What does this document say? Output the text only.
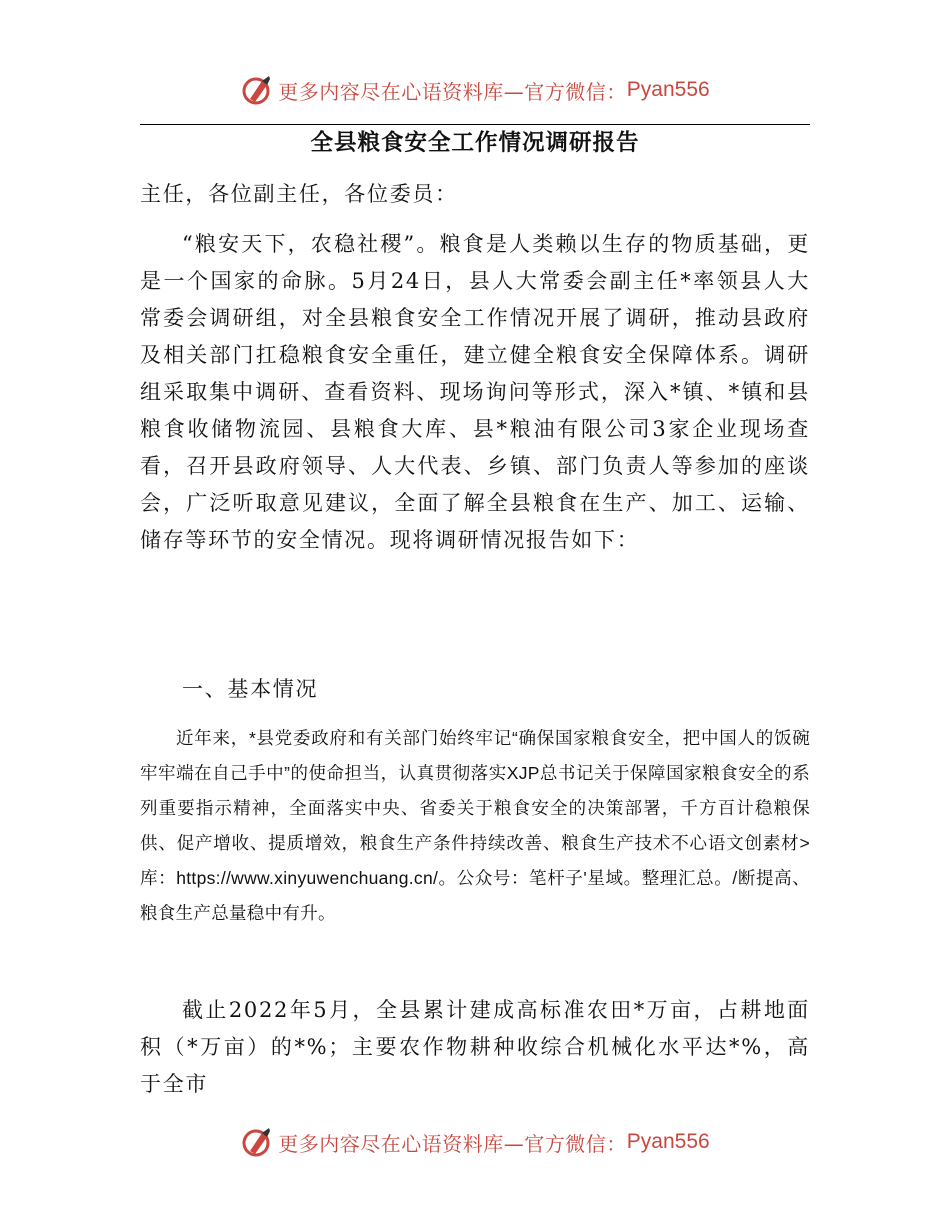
更多内容尽在心语资料库—官方微信： Pyan556
全县粮食安全工作情况调研报告

主任，各位副主任，各位委员：

“粮安天下，农稳社稷”。粮食是人类赖以生存的物质基础，更是一个国家的命脉。5月24日，县人大常委会副主任*率领县人大常委会调研组，对全县粮食安全工作情况开展了调研，推动县政府及相关部门扛稳粮食安全重任，建立健全粮食安全保障体系。调研组采取集中调研、查看资料、现场询问等形式，深入*镇、*镇和县粮食收储物流园、县粮食大库、县*粮油有限公司3家企业现场查看，召开县政府领导、人大代表、乡镇、部门负责人等参加的座谈会，广泛听取意见建议，全面了解全县粮食在生产、加工、运输、储存等环节的安全情况。现将调研情况报告如下：

一、基本情况

近年来，*县党委政府和有关部门始终牢记“确保国家粮食安全，把中国人的饭碗牢牢端在自己手中”的使命担当，认真贯彻落实XJP总书记关于保障国家粮食安全的系列重要指示精神，全面落实中央、省委关于粮食安全的决策部署，千方百计稳粮保供、促产增收、提质增效，粮食生产条件持续改善、粮食生产技术不心语文创素材>库：https://www.xinyuwenchuang.cn/。公众号：笔杆子'星域。整理汇总。/断提高、粮食生产总量稳中有升。

截止2022年5月，全县累计建成高标准农田*万亩，占耕地面积（*万亩）的*%；主要农作物耕种收综合机械化水平达*%，高于全市

更多内容尽在心语资料库—官方微信： Pyan556
